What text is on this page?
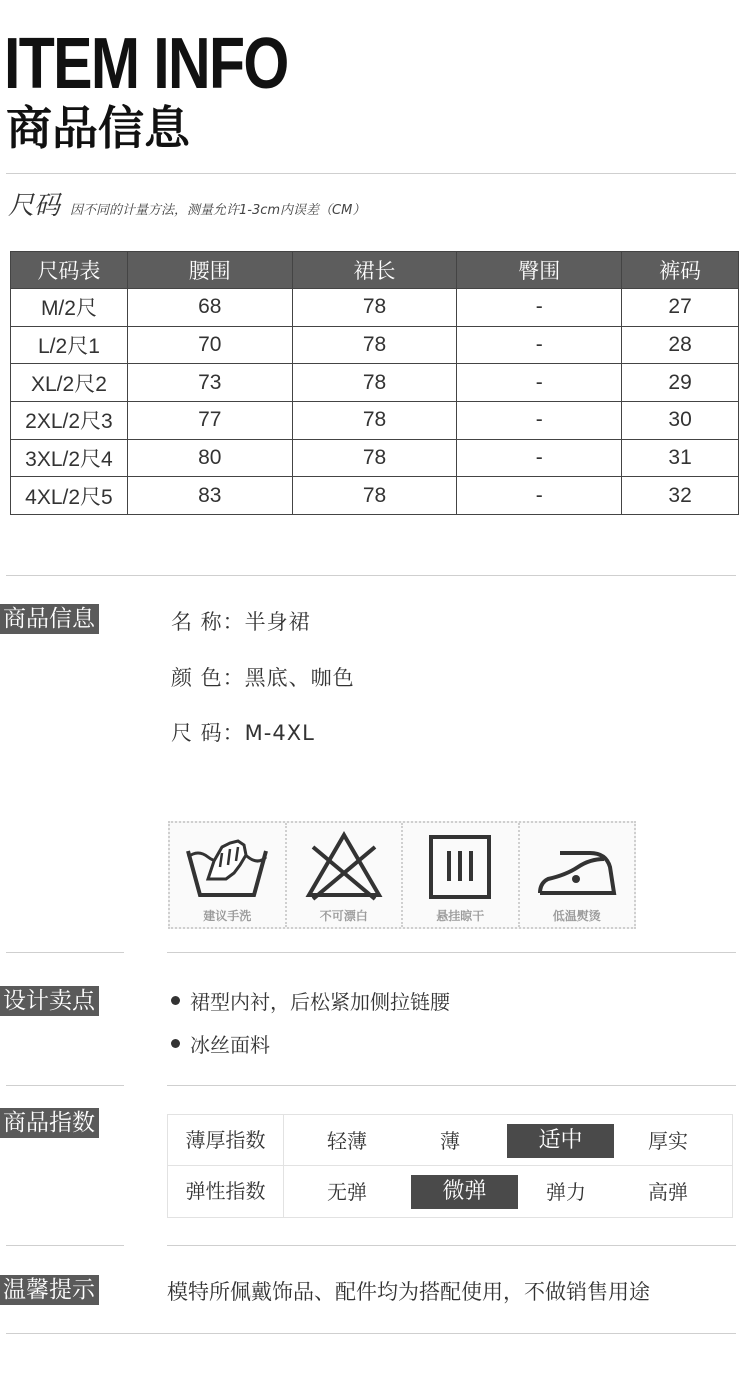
ITEM INFO
商品信息
尺码 因不同的计量方法，测量允许1-3cm内误差（CM）
尺码表	腰围	裙长	臀围	裤码
M/2尺	68	78	-	27
L/2尺1	70	78	-	28
XL/2尺2	73	78	-	29
2XL/2尺3	77	78	-	30
3XL/2尺4	80	78	-	31
4XL/2尺5	83	78	-	32
商品信息	名 称：半身裙
颜 色：黑底、咖色
尺 码：M-4XL
建议手洗	不可漂白	悬挂晾干	低温熨烫
设计卖点	裙型内衬，后松紧加侧拉链腰
冰丝面料
商品指数
薄厚指数	轻薄	薄	适中	厚实
弹性指数	无弹	微弹	弹力	高弹
温馨提示	模特所佩戴饰品、配件均为搭配使用，不做销售用途
